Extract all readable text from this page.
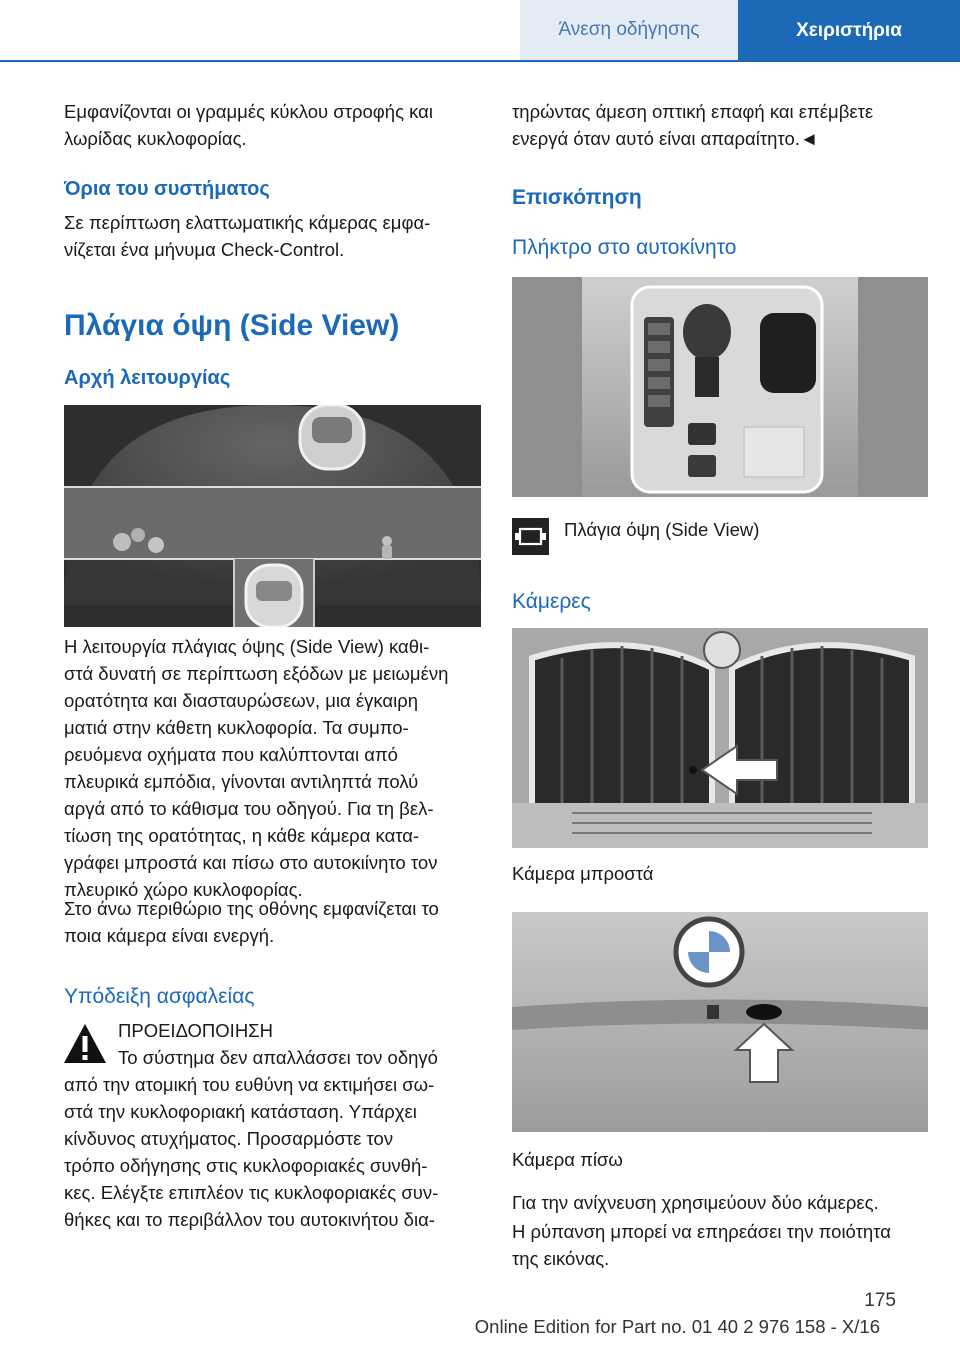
Άνεση οδήγησης	Χειριστήρια

Εμφανίζονται οι γραμμές κύκλου στροφής και
λωρίδας κυκλοφορίας.

Όρια του συστήματος

Σε περίπτωση ελαττωματικής κάμερας εμφα‐
νίζεται ένα μήνυμα Check-Control.

Πλάγια όψη (Side View)

Αρχή λειτουργίας

Η λειτουργία πλάγιας όψης (Side View) καθι‐
στά δυνατή σε περίπτωση εξόδων με μειωμένη
ορατότητα και διασταυρώσεων, μια έγκαιρη
ματιά στην κάθετη κυκλοφορία. Τα συμπο‐
ρευόμενα οχήματα που καλύπτονται από
πλευρικά εμπόδια, γίνονται αντιληπτά πολύ
αργά από το κάθισμα του οδηγού. Για τη βελ‐
τίωση της ορατότητας, η κάθε κάμερα κατα‐
γράφει μπροστά και πίσω στο αυτοκιίνητο τον
πλευρικό χώρο κυκλοφορίας.

Στο άνω περιθώριο της οθόνης εμφανίζεται το
ποια κάμερα είναι ενεργή.

Υπόδειξη ασφαλείας

ΠΡΟΕΙΔΟΠΟΙΗΣΗ
Το σύστημα δεν απαλλάσσει τον οδηγό

από την ατομική του ευθύνη να εκτιμήσει σω‐
στά την κυκλοφοριακή κατάσταση. Υπάρχει
κίνδυνος ατυχήματος. Προσαρμόστε τον
τρόπο οδήγησης στις κυκλοφοριακές συνθή‐
κες. Ελέγξτε επιπλέον τις κυκλοφοριακές συν‐
θήκες και το περιβάλλον του αυτοκινήτου δια‐

τηρώντας άμεση οπτική επαφή και επέμβετε
ενεργά όταν αυτό είναι απαραίτητο.◄

Επισκόπηση

Πλήκτρο στο αυτοκίνητο

Πλάγια όψη (Side View)

Κάμερες

Κάμερα μπροστά

Κάμερα πίσω

Για την ανίχνευση χρησιμεύουν δύο κάμερες.

Η ρύπανση μπορεί να επηρεάσει την ποιότητα
της εικόνας.

175
Online Edition for Part no. 01 40 2 976 158 - X/16
